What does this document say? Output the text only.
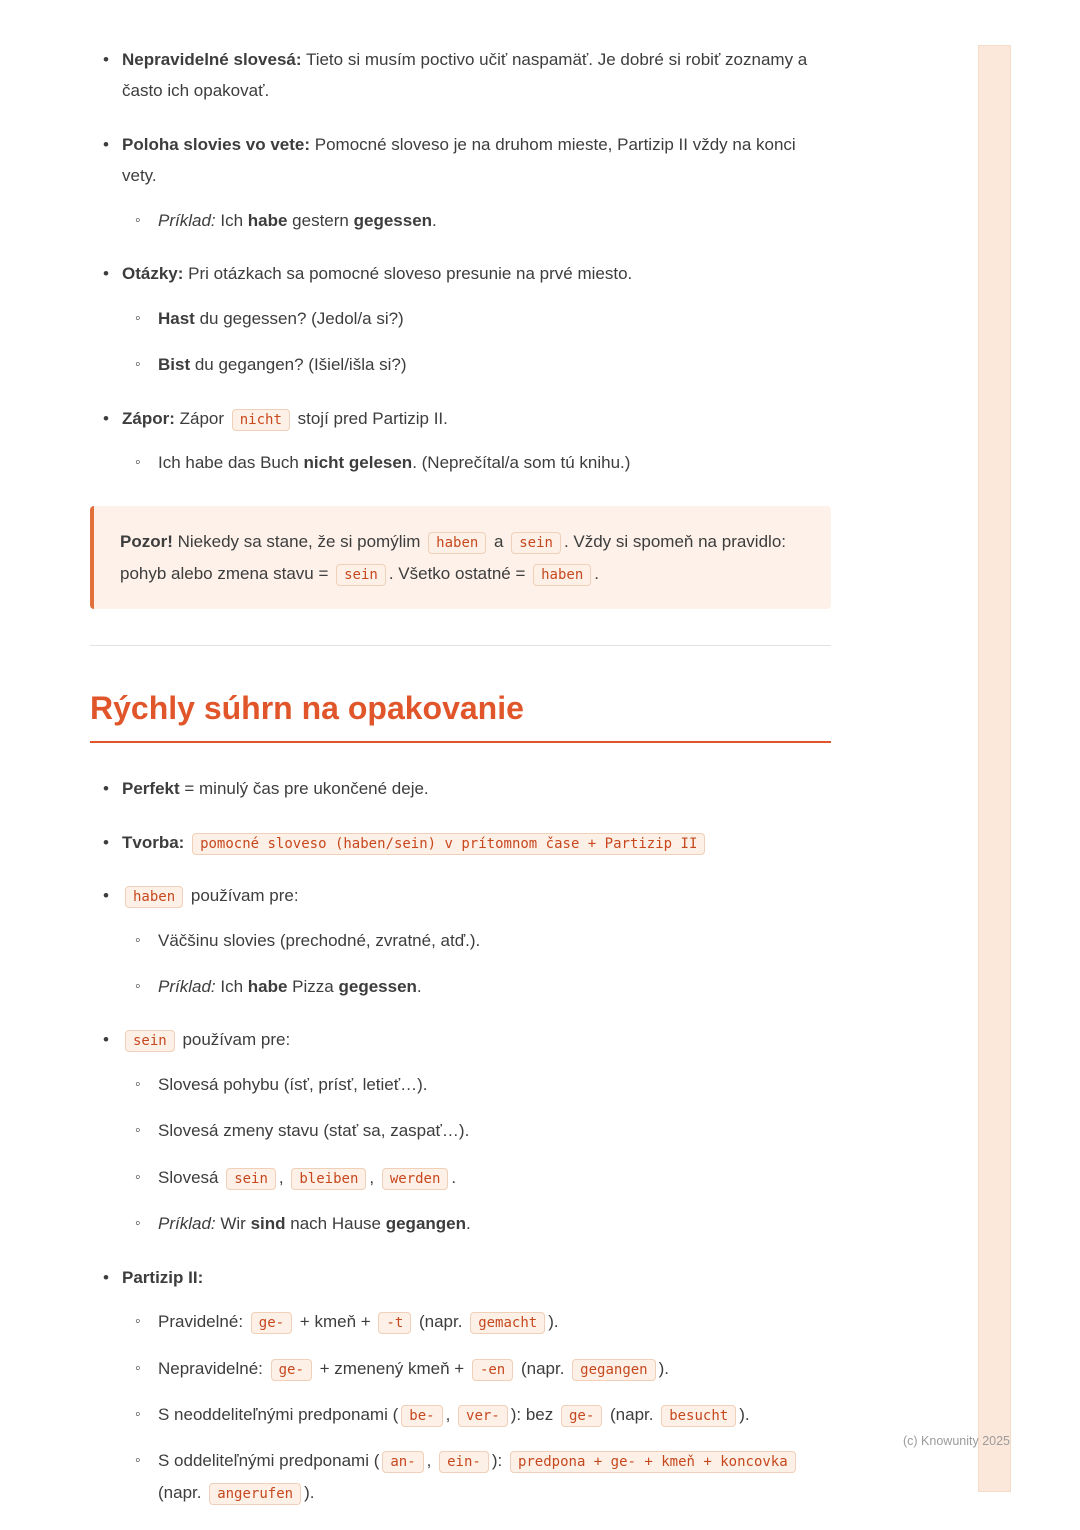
• Nepravidelné slovesá: Tieto si musím poctivo učiť naspamäť. Je dobré si robiť zoznamy a často ich opakovať.

• Poloha slovies vo vete: Pomocné sloveso je na druhom mieste, Partizip II vždy na konci vety.

◦ Príklad: Ich habe gestern gegessen.

• Otázky: Pri otázkach sa pomocné sloveso presunie na prvé miesto.

◦ Hast du gegessen? (Jedol/a si?)

◦ Bist du gegangen? (Išiel/išla si?)

• Zápor: Zápor nicht stojí pred Partizip II.

◦ Ich habe das Buch nicht gelesen. (Neprečítal/a som tú knihu.)

Pozor! Niekedy sa stane, že si pomýlim haben a sein . Vždy si spomeň na pravidlo: pohyb alebo zmena stavu = sein . Všetko ostatné = haben .

Rýchly súhrn na opakovanie

• Perfekt = minulý čas pre ukončené deje.

• Tvorba: pomocné sloveso (haben/sein) v prítomnom čase + Partizip II

• haben používam pre:

◦ Väčšinu slovies (prechodné, zvratné, atď.).

◦ Príklad: Ich habe Pizza gegessen.

• sein používam pre:

◦ Slovesá pohybu (ísť, prísť, letieť…).

◦ Slovesá zmeny stavu (stať sa, zaspať…).

◦ Slovesá sein , bleiben , werden .

◦ Príklad: Wir sind nach Hause gegangen.

• Partizip II:

◦ Pravidelné: ge- + kmeň + -t (napr. gemacht ).

◦ Nepravidelné: ge- + zmenený kmeň + -en (napr. gegangen ).

◦ S neoddeliteľnými predponami ( be- , ver- ): bez ge- (napr. besucht ).

◦ S oddeliteľnými predponami ( an- , ein- ): predpona + ge- + kmeň + koncovka (napr. angerufen ).

(c) Knowunity 2025
